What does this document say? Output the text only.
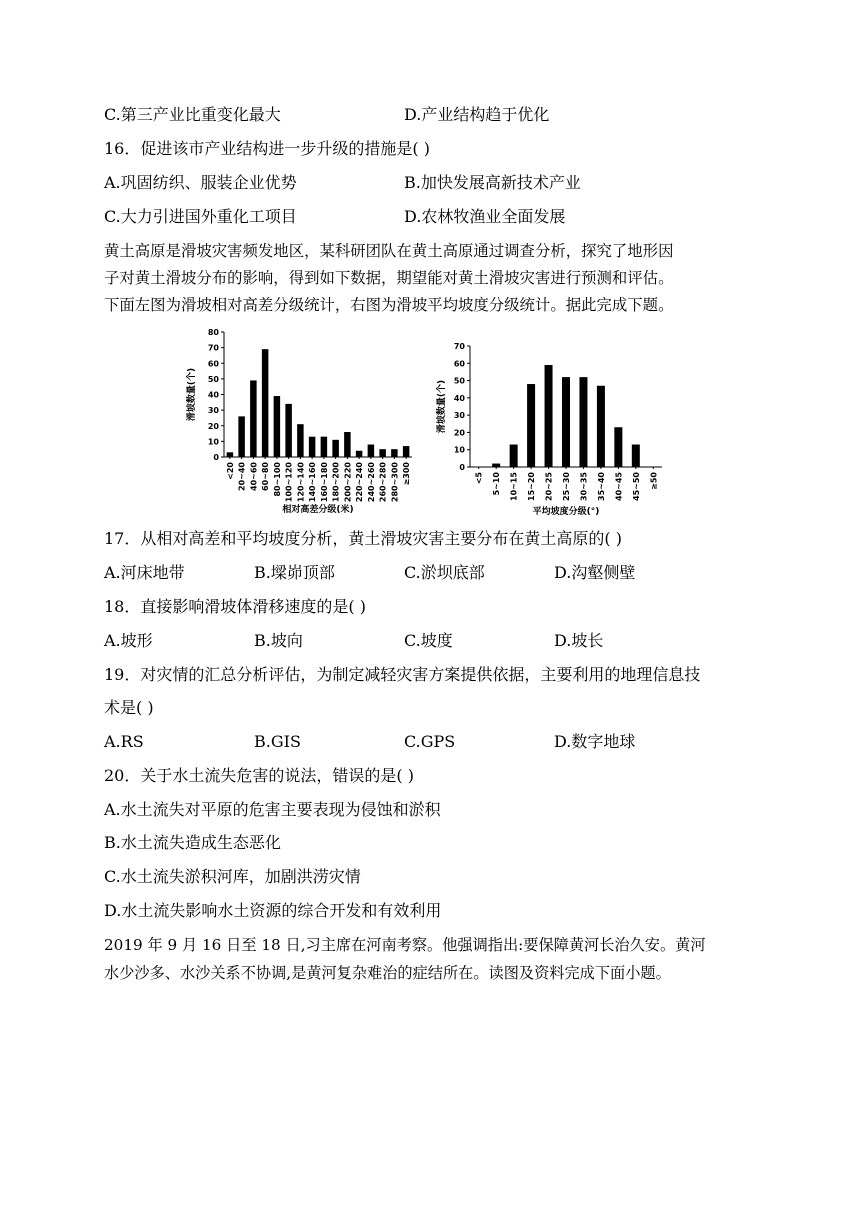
C.第三产业比重变化最大	D.产业结构趋于优化
16．促进该市产业结构进一步升级的措施是( )
A.巩固纺织、服装企业优势	B.加快发展高新技术产业
C.大力引进国外重化工项目	D.农林牧渔业全面发展
黄土高原是滑坡灾害频发地区，某科研团队在黄土高原通过调查分析，探究了地形因
子对黄土滑坡分布的影响，得到如下数据，期望能对黄土滑坡灾害进行预测和评估。
下面左图为滑坡相对高差分级统计，右图为滑坡平均坡度分级统计。据此完成下题。
0
10
20
30
40
50
60
70
80
<20 20~40 40~60 60~80 80~100 100~120 120~140 140~160 160~180 180~200 200~220 220~240 240~260 260~280 280~300 ≥300
滑坡数量(个)
相对高差分级(米)
0
10
20
30
40
50
60
70
<5 5~10 10~15 15~20 20~25 25~30 30~35 35~40 40~45 45~50 ≥50
滑坡数量(个)
平均坡度分级(°)
17．从相对高差和平均坡度分析，黄土滑坡灾害主要分布在黄土高原的( )
A.河床地带	B.墚峁顶部	C.淤坝底部	D.沟壑侧壁
18．直接影响滑坡体滑移速度的是( )
A.坡形	B.坡向	C.坡度	D.坡长
19．对灾情的汇总分析评估，为制定减轻灾害方案提供依据，主要利用的地理信息技
术是( )
A.RS	B.GIS	C.GPS	D.数字地球
20．关于水土流失危害的说法，错误的是( )
A.水土流失对平原的危害主要表现为侵蚀和淤积
B.水土流失造成生态恶化
C.水土流失淤积河库，加剧洪涝灾情
D.水土流失影响水土资源的综合开发和有效利用
2019 年 9 月 16 日至 18 日,习主席在河南考察。他强调指出:要保障黄河长治久安。黄河
水少沙多、水沙关系不协调,是黄河复杂难治的症结所在。读图及资料完成下面小题。
